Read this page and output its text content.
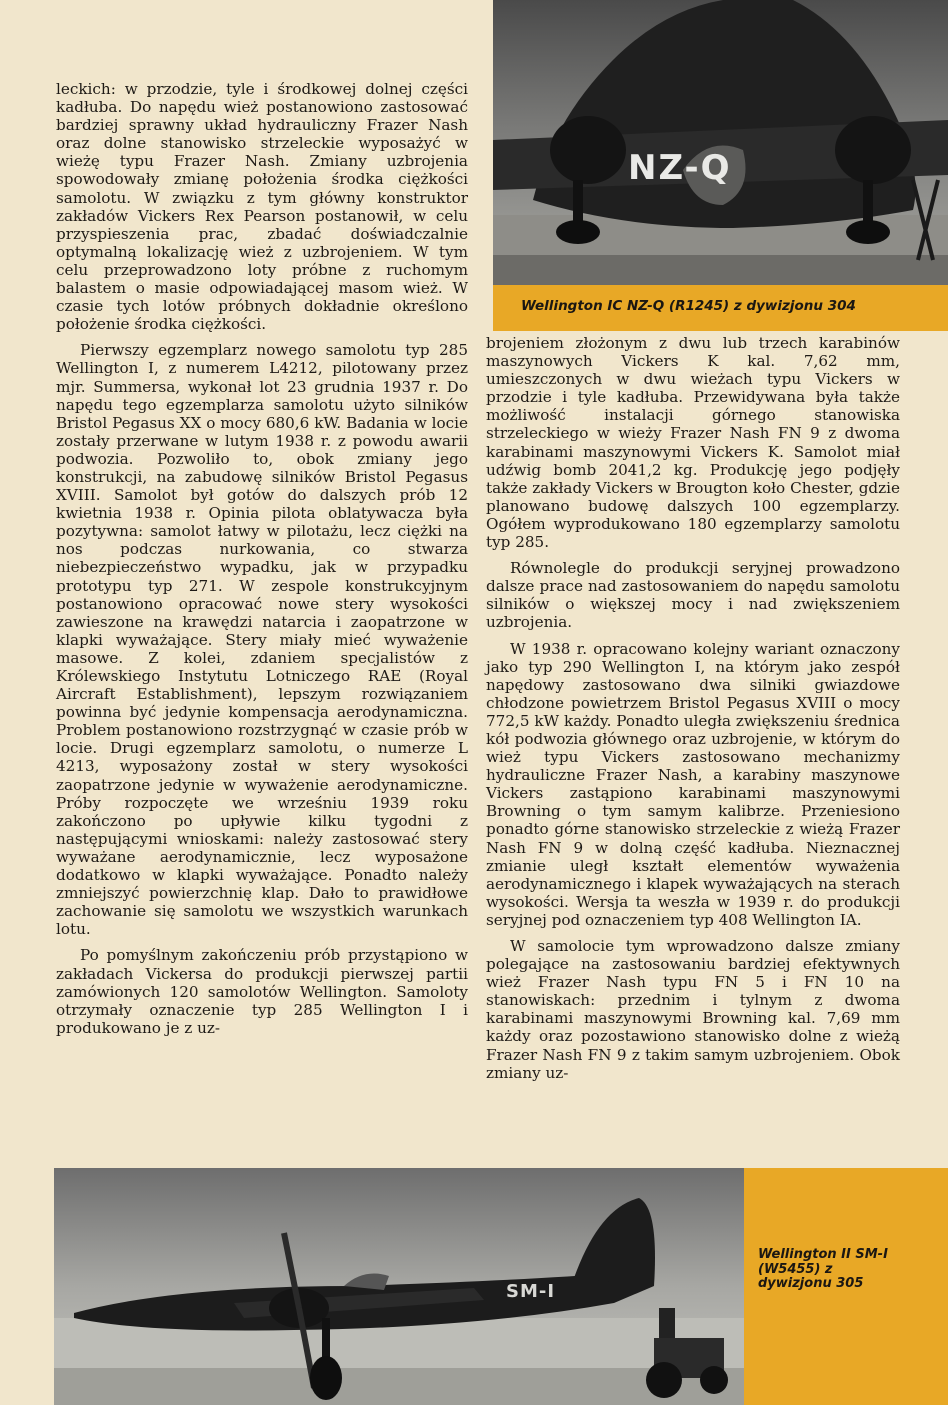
NZ-Q
Wellington IC NZ-Q (R1245) z dywizjonu 304

leckich: w przodzie, tyle i środkowej dolnej części kadłuba. Do napędu wież postanowiono zastosować bardziej sprawny układ hydrauliczny Frazer Nash oraz dolne stanowisko strzeleckie wyposażyć w wieżę typu Frazer Nash. Zmiany uzbrojenia spowodowały zmianę położenia środka ciężkości samolotu. W związku z tym główny konstruktor zakładów Vickers Rex Pearson postanowił, w celu przyspieszenia prac, zbadać doświadczalnie optymalną lokalizację wież z uzbrojeniem. W tym celu przeprowadzono loty próbne z ruchomym balastem o masie odpowiadającej masom wież. W czasie tych lotów próbnych dokładnie określono położenie środka ciężkości.

Pierwszy egzemplarz nowego samolotu typ 285 Wellington I, z numerem L4212, pilotowany przez mjr. Summersa, wykonał lot 23 grudnia 1937 r. Do napędu tego egzemplarza samolotu użyto silników Bristol Pegasus XX o mocy 680,6 kW. Badania w locie zostały przerwane w lutym 1938 r. z powodu awarii podwozia. Pozwoliło to, obok zmiany jego konstrukcji, na zabudowę silników Bristol Pegasus XVIII. Samolot był gotów do dalszych prób 12 kwietnia 1938 r. Opinia pilota oblatywacza była pozytywna: samolot łatwy w pilotażu, lecz ciężki na nos podczas nurkowania, co stwarza niebezpieczeństwo wypadku, jak w przypadku prototypu typ 271. W zespole konstrukcyjnym postanowiono opracować nowe stery wysokości zawieszone na krawędzi natarcia i zaopatrzone w klapki wyważające. Stery miały mieć wyważenie masowe. Z kolei, zdaniem specjalistów z Królewskiego Instytutu Lotniczego RAE (Royal Aircraft Establishment), lepszym rozwiązaniem powinna być jedynie kompensacja aerodynamiczna. Problem postanowiono rozstrzygnąć w czasie prób w locie. Drugi egzemplarz samolotu, o numerze L 4213, wyposażony został w stery wysokości zaopatrzone jedynie w wyważenie aerodynamiczne. Próby rozpoczęte we wrześniu 1939 roku zakończono po upływie kilku tygodni z następującymi wnioskami: należy zastosować stery wyważane aerodynamicznie, lecz wyposażone dodatkowo w klapki wyważające. Ponadto należy zmniejszyć powierzchnię klap. Dało to prawidłowe zachowanie się samolotu we wszystkich warunkach lotu.

Po pomyślnym zakończeniu prób przystąpiono w zakładach Vickersa do produkcji pierwszej partii zamówionych 120 samolotów Wellington. Samoloty otrzymały oznaczenie typ 285 Wellington I i produkowano je z uz-

brojeniem złożonym z dwu lub trzech karabinów maszynowych Vickers K kal. 7,62 mm, umieszczonych w dwu wieżach typu Vickers w przodzie i tyle kadłuba. Przewidywana była także możliwość instalacji górnego stanowiska strzeleckiego w wieży Frazer Nash FN 9 z dwoma karabinami maszynowymi Vickers K. Samolot miał udźwig bomb 2041,2 kg. Produkcję jego podjęły także zakłady Vickers w Brougton koło Chester, gdzie planowano budowę dalszych 100 egzemplarzy. Ogółem wyprodukowano 180 egzemplarzy samolotu typ 285.

Równolegle do produkcji seryjnej prowadzono dalsze prace nad zastosowaniem do napędu samolotu silników o większej mocy i nad zwiększeniem uzbrojenia.

W 1938 r. opracowano kolejny wariant oznaczony jako typ 290 Wellington I, na którym jako zespół napędowy zastosowano dwa silniki gwiazdowe chłodzone powietrzem Bristol Pegasus XVIII o mocy 772,5 kW każdy. Ponadto uległa zwiększeniu średnica kół podwozia głównego oraz uzbrojenie, w którym do wież typu Vickers zastosowano mechanizmy hydrauliczne Frazer Nash, a karabiny maszynowe Vickers zastąpiono karabinami maszynowymi Browning o tym samym kalibrze. Przeniesiono ponadto górne stanowisko strzeleckie z wieżą Frazer Nash FN 9 w dolną część kadłuba. Nieznacznej zmianie uległ kształt elementów wyważenia aerodynamicznego i klapek wyważających na sterach wysokości. Wersja ta weszła w 1939 r. do produkcji seryjnej pod oznaczeniem typ 408 Wellington IA.

W samolocie tym wprowadzono dalsze zmiany polegające na zastosowaniu bardziej efektywnych wież Frazer Nash typu FN 5 i FN 10 na stanowiskach: przednim i tylnym z dwoma karabinami maszynowymi Browning kal. 7,69 mm każdy oraz pozostawiono stanowisko dolne z wieżą Frazer Nash FN 9 z takim samym uzbrojeniem. Obok zmiany uz-

SM-I
Wellington II SM-I (W5455) z dywizjonu 305
